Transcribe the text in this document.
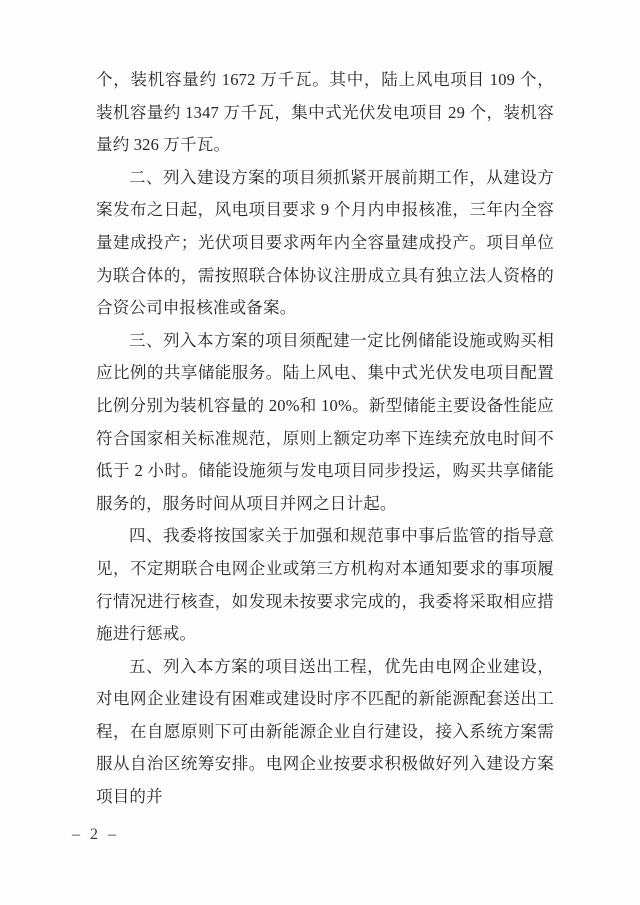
个，装机容量约 1672 万千瓦。其中，陆上风电项目 109 个，装机容量约 1347 万千瓦，集中式光伏发电项目 29 个，装机容量约 326 万千瓦。

二、列入建设方案的项目须抓紧开展前期工作，从建设方案发布之日起，风电项目要求 9 个月内申报核准，三年内全容量建成投产；光伏项目要求两年内全容量建成投产。项目单位为联合体的，需按照联合体协议注册成立具有独立法人资格的合资公司申报核准或备案。

三、列入本方案的项目须配建一定比例储能设施或购买相应比例的共享储能服务。陆上风电、集中式光伏发电项目配置比例分别为装机容量的 20%和 10%。新型储能主要设备性能应符合国家相关标准规范，原则上额定功率下连续充放电时间不低于 2 小时。储能设施须与发电项目同步投运，购买共享储能服务的，服务时间从项目并网之日计起。

四、我委将按国家关于加强和规范事中事后监管的指导意见，不定期联合电网企业或第三方机构对本通知要求的事项履行情况进行核查，如发现未按要求完成的，我委将采取相应措施进行惩戒。

五、列入本方案的项目送出工程，优先由电网企业建设，对电网企业建设有困难或建设时序不匹配的新能源配套送出工程，在自愿原则下可由新能源企业自行建设，接入系统方案需服从自治区统筹安排。电网企业按要求积极做好列入建设方案项目的并

– 2 –
